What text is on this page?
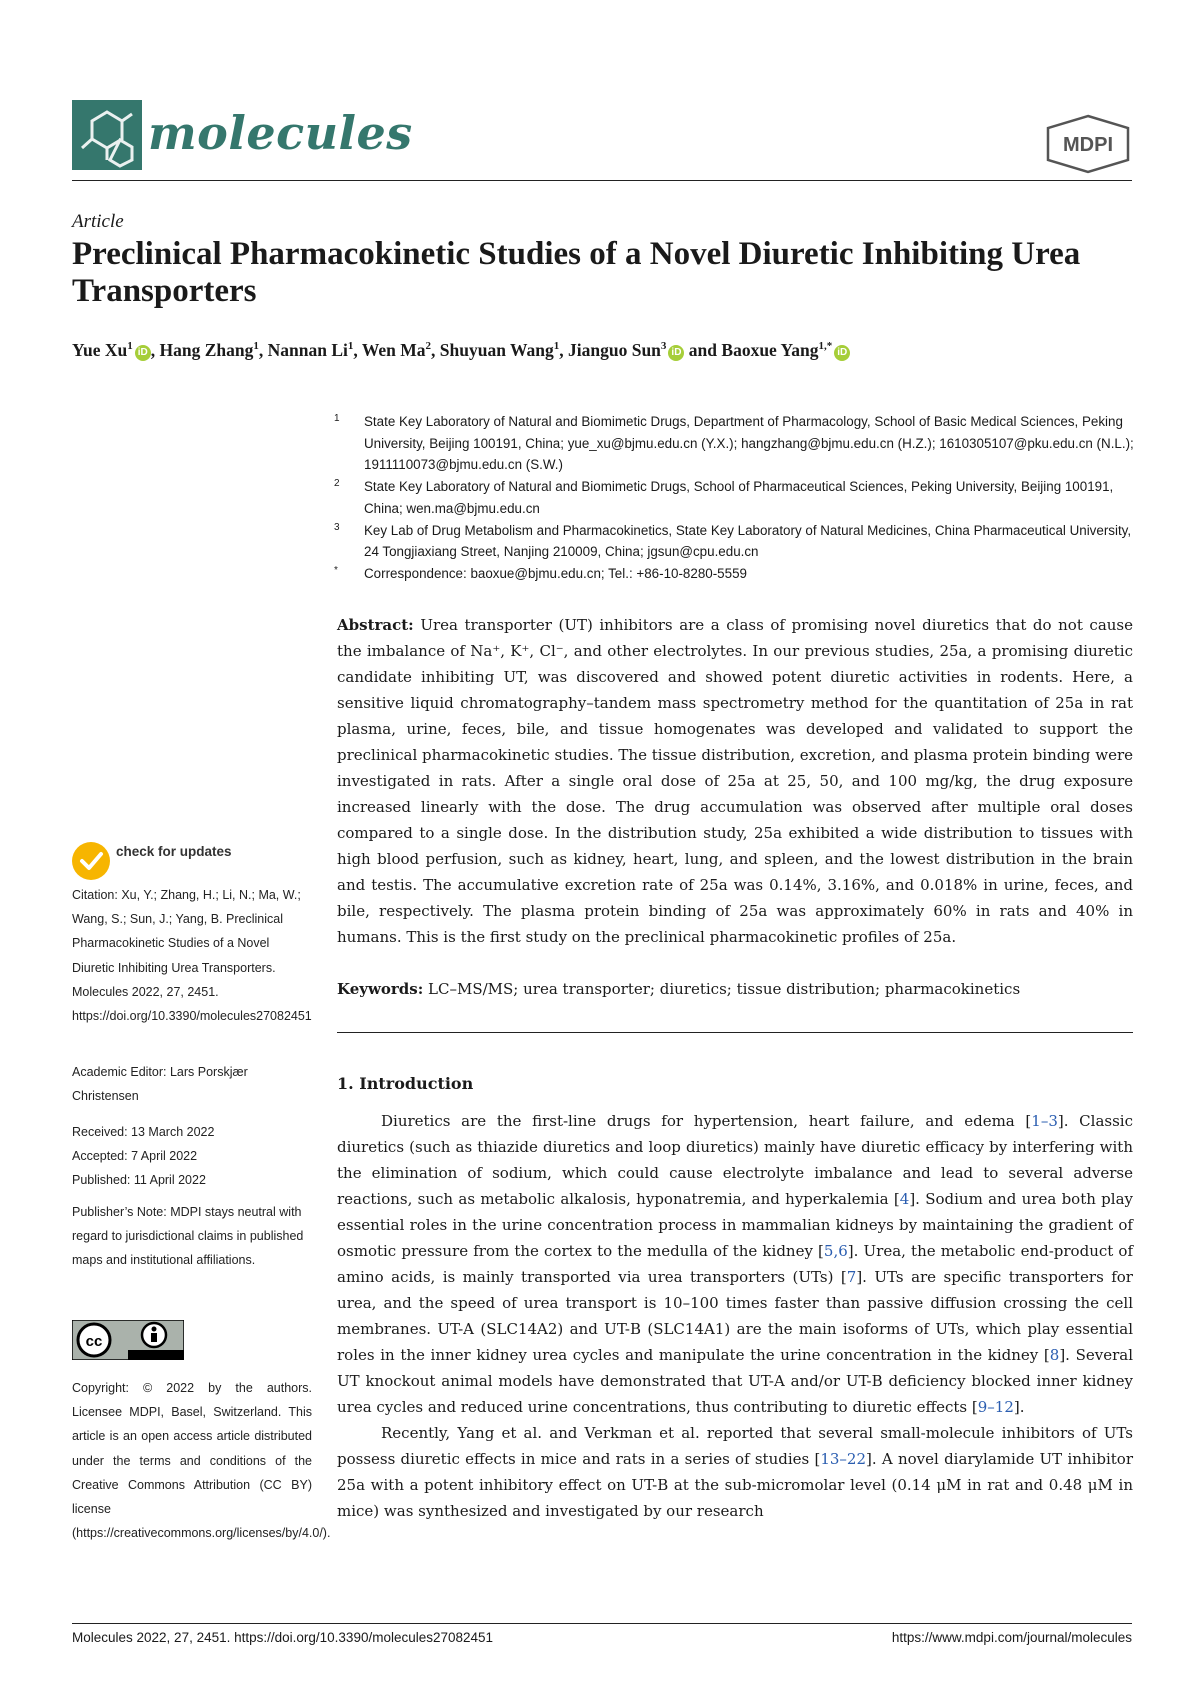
molecules	MDPI
Article
Preclinical Pharmacokinetic Studies of a Novel Diuretic Inhibiting Urea Transporters
Yue Xu$^1$iD , Hang Zhang$^1$, Nannan Li$^1$, Wen Ma$^2$, Shuyuan Wang$^1$, Jianguo Sun$^3$iD and Baoxue Yang$^{1,*}$iD
1 State Key Laboratory of Natural and Biomimetic Drugs, Department of Pharmacology, School of Basic Medical Sciences, Peking University, Beijing 100191, China; yue_xu@bjmu.edu.cn (Y.X.); hangzhang@bjmu.edu.cn (H.Z.); 1610305107@pku.edu.cn (N.L.); 1911110073@bjmu.edu.cn (S.W.)
2 State Key Laboratory of Natural and Biomimetic Drugs, School of Pharmaceutical Sciences, Peking University, Beijing 100191, China; wen.ma@bjmu.edu.cn
3 Key Lab of Drug Metabolism and Pharmacokinetics, State Key Laboratory of Natural Medicines, China Pharmaceutical University, 24 Tongjiaxiang Street, Nanjing 210009, China; jgsun@cpu.edu.cn
* Correspondence: baoxue@bjmu.edu.cn; Tel.: +86-10-8280-5559
Abstract: Urea transporter (UT) inhibitors are a class of promising novel diuretics that do not cause the imbalance of Na⁺, K⁺, Cl⁻, and other electrolytes. In our previous studies, 25a, a promising diuretic candidate inhibiting UT, was discovered and showed potent diuretic activities in rodents. Here, a sensitive liquid chromatography–tandem mass spectrometry method for the quantitation of 25a in rat plasma, urine, feces, bile, and tissue homogenates was developed and validated to support the preclinical pharmacokinetic studies. The tissue distribution, excretion, and plasma protein binding were investigated in rats. After a single oral dose of 25a at 25, 50, and 100 mg/kg, the drug exposure increased linearly with the dose. The drug accumulation was observed after multiple oral doses compared to a single dose. In the distribution study, 25a exhibited a wide distribution to tissues with high blood perfusion, such as kidney, heart, lung, and spleen, and the lowest distribution in the brain and testis. The accumulative excretion rate of 25a was 0.14%, 3.16%, and 0.018% in urine, feces, and bile, respectively. The plasma protein binding of 25a was approximately 60% in rats and 40% in humans. This is the first study on the preclinical pharmacokinetic profiles of 25a.
Keywords: LC–MS/MS; urea transporter; diuretics; tissue distribution; pharmacokinetics
1. Introduction

Diuretics are the first-line drugs for hypertension, heart failure, and edema [1–3]. Classic diuretics (such as thiazide diuretics and loop diuretics) mainly have diuretic efficacy by interfering with the elimination of sodium, which could cause electrolyte imbalance and lead to several adverse reactions, such as metabolic alkalosis, hyponatremia, and hyperkalemia [4]. Sodium and urea both play essential roles in the urine concentration process in mammalian kidneys by maintaining the gradient of osmotic pressure from the cortex to the medulla of the kidney [5,6]. Urea, the metabolic end-product of amino acids, is mainly transported via urea transporters (UTs) [7]. UTs are specific transporters for urea, and the speed of urea transport is 10–100 times faster than passive diffusion crossing the cell membranes. UT-A (SLC14A2) and UT-B (SLC14A1) are the main isoforms of UTs, which play essential roles in the inner kidney urea cycles and manipulate the urine concentration in the kidney [8]. Several UT knockout animal models have demonstrated that UT-A and/or UT-B deficiency blocked inner kidney urea cycles and reduced urine concentrations, thus contributing to diuretic effects [9–12].

Recently, Yang et al. and Verkman et al. reported that several small-molecule inhibitors of UTs possess diuretic effects in mice and rats in a series of studies [13–22]. A novel diarylamide UT inhibitor 25a with a potent inhibitory effect on UT-B at the sub-micromolar level (0.14 μM in rat and 0.48 μM in mice) was synthesized and investigated by our research

check for updates
Citation: Xu, Y.; Zhang, H.; Li, N.; Ma, W.; Wang, S.; Sun, J.; Yang, B. Preclinical Pharmacokinetic Studies of a Novel Diuretic Inhibiting Urea Transporters. Molecules 2022, 27, 2451. https://doi.org/10.3390/molecules27082451
Academic Editor: Lars Porskjær Christensen
Received: 13 March 2022
Accepted: 7 April 2022
Published: 11 April 2022
Publisher’s Note: MDPI stays neutral with regard to jurisdictional claims in published maps and institutional affiliations.
cc
Copyright: © 2022 by the authors. Licensee MDPI, Basel, Switzerland. This article is an open access article distributed under the terms and conditions of the Creative Commons Attribution (CC BY) license (https://creativecommons.org/licenses/by/4.0/).
Molecules 2022, 27, 2451. https://doi.org/10.3390/molecules27082451	https://www.mdpi.com/journal/molecules
